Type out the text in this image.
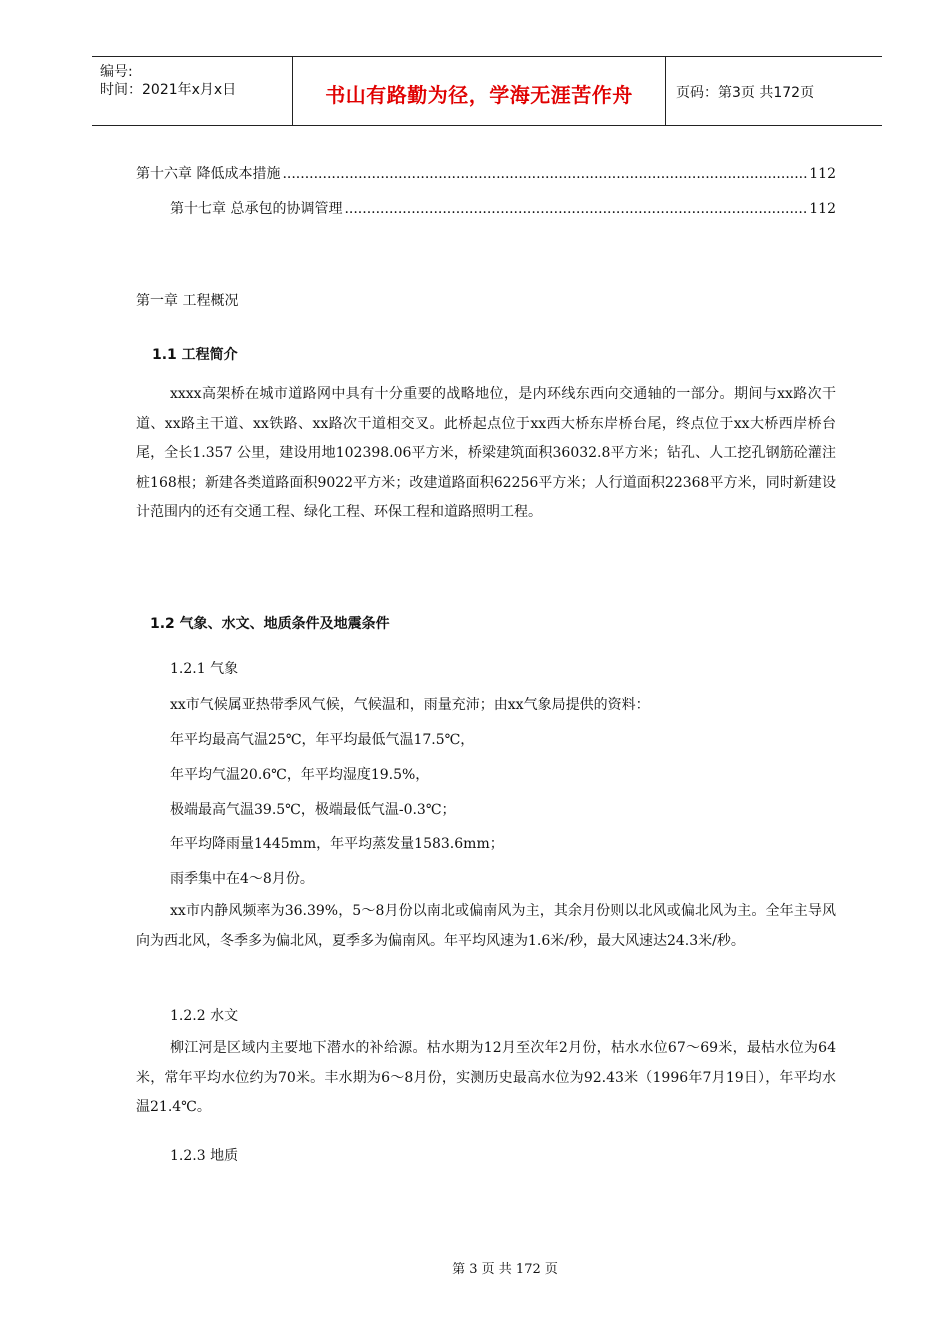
编号:
时间：2021年x月x日	书山有路勤为径，学海无涯苦作舟	页码：第3页 共172页
第十六章 降低成本措施 .....	112
第十七章 总承包的协调管理 .....	112
第一章 工程概况
1.1 工程简介
xxxx高架桥在城市道路网中具有十分重要的战略地位，是内环线东西向交通轴的一部分。期间与xx路次干道、xx路主干道、xx铁路、xx路次干道相交叉。此桥起点位于xx西大桥东岸桥台尾，终点位于xx大桥西岸桥台尾，全长1.357 公里，建设用地102398.06平方米，桥梁建筑面积36032.8平方米；钻孔、人工挖孔钢筋砼灌注桩168根；新建各类道路面积9022平方米；改建道路面积62256平方米；人行道面积22368平方米，同时新建设计范围内的还有交通工程、绿化工程、环保工程和道路照明工程。
1.2 气象、水文、地质条件及地震条件
1.2.1 气象
xx市气候属亚热带季风气候，气候温和，雨量充沛；由xx气象局提供的资料：
年平均最高气温25℃，年平均最低气温17.5℃，
年平均气温20.6℃，年平均湿度19.5%，
极端最高气温39.5℃，极端最低气温-0.3℃；
年平均降雨量1445mm，年平均蒸发量1583.6mm；
雨季集中在4～8月份。
xx市内静风频率为36.39%，5～8月份以南北或偏南风为主，其余月份则以北风或偏北风为主。全年主导风向为西北风，冬季多为偏北风，夏季多为偏南风。年平均风速为1.6米/秒，最大风速达24.3米/秒。
1.2.2 水文
柳江河是区域内主要地下潜水的补给源。枯水期为12月至次年2月份，枯水水位67～69米，最枯水位为64米，常年平均水位约为70米。丰水期为6～8月份，实测历史最高水位为92.43米（1996年7月19日），年平均水温21.4℃。
1.2.3 地质
第 3 页 共 172 页
